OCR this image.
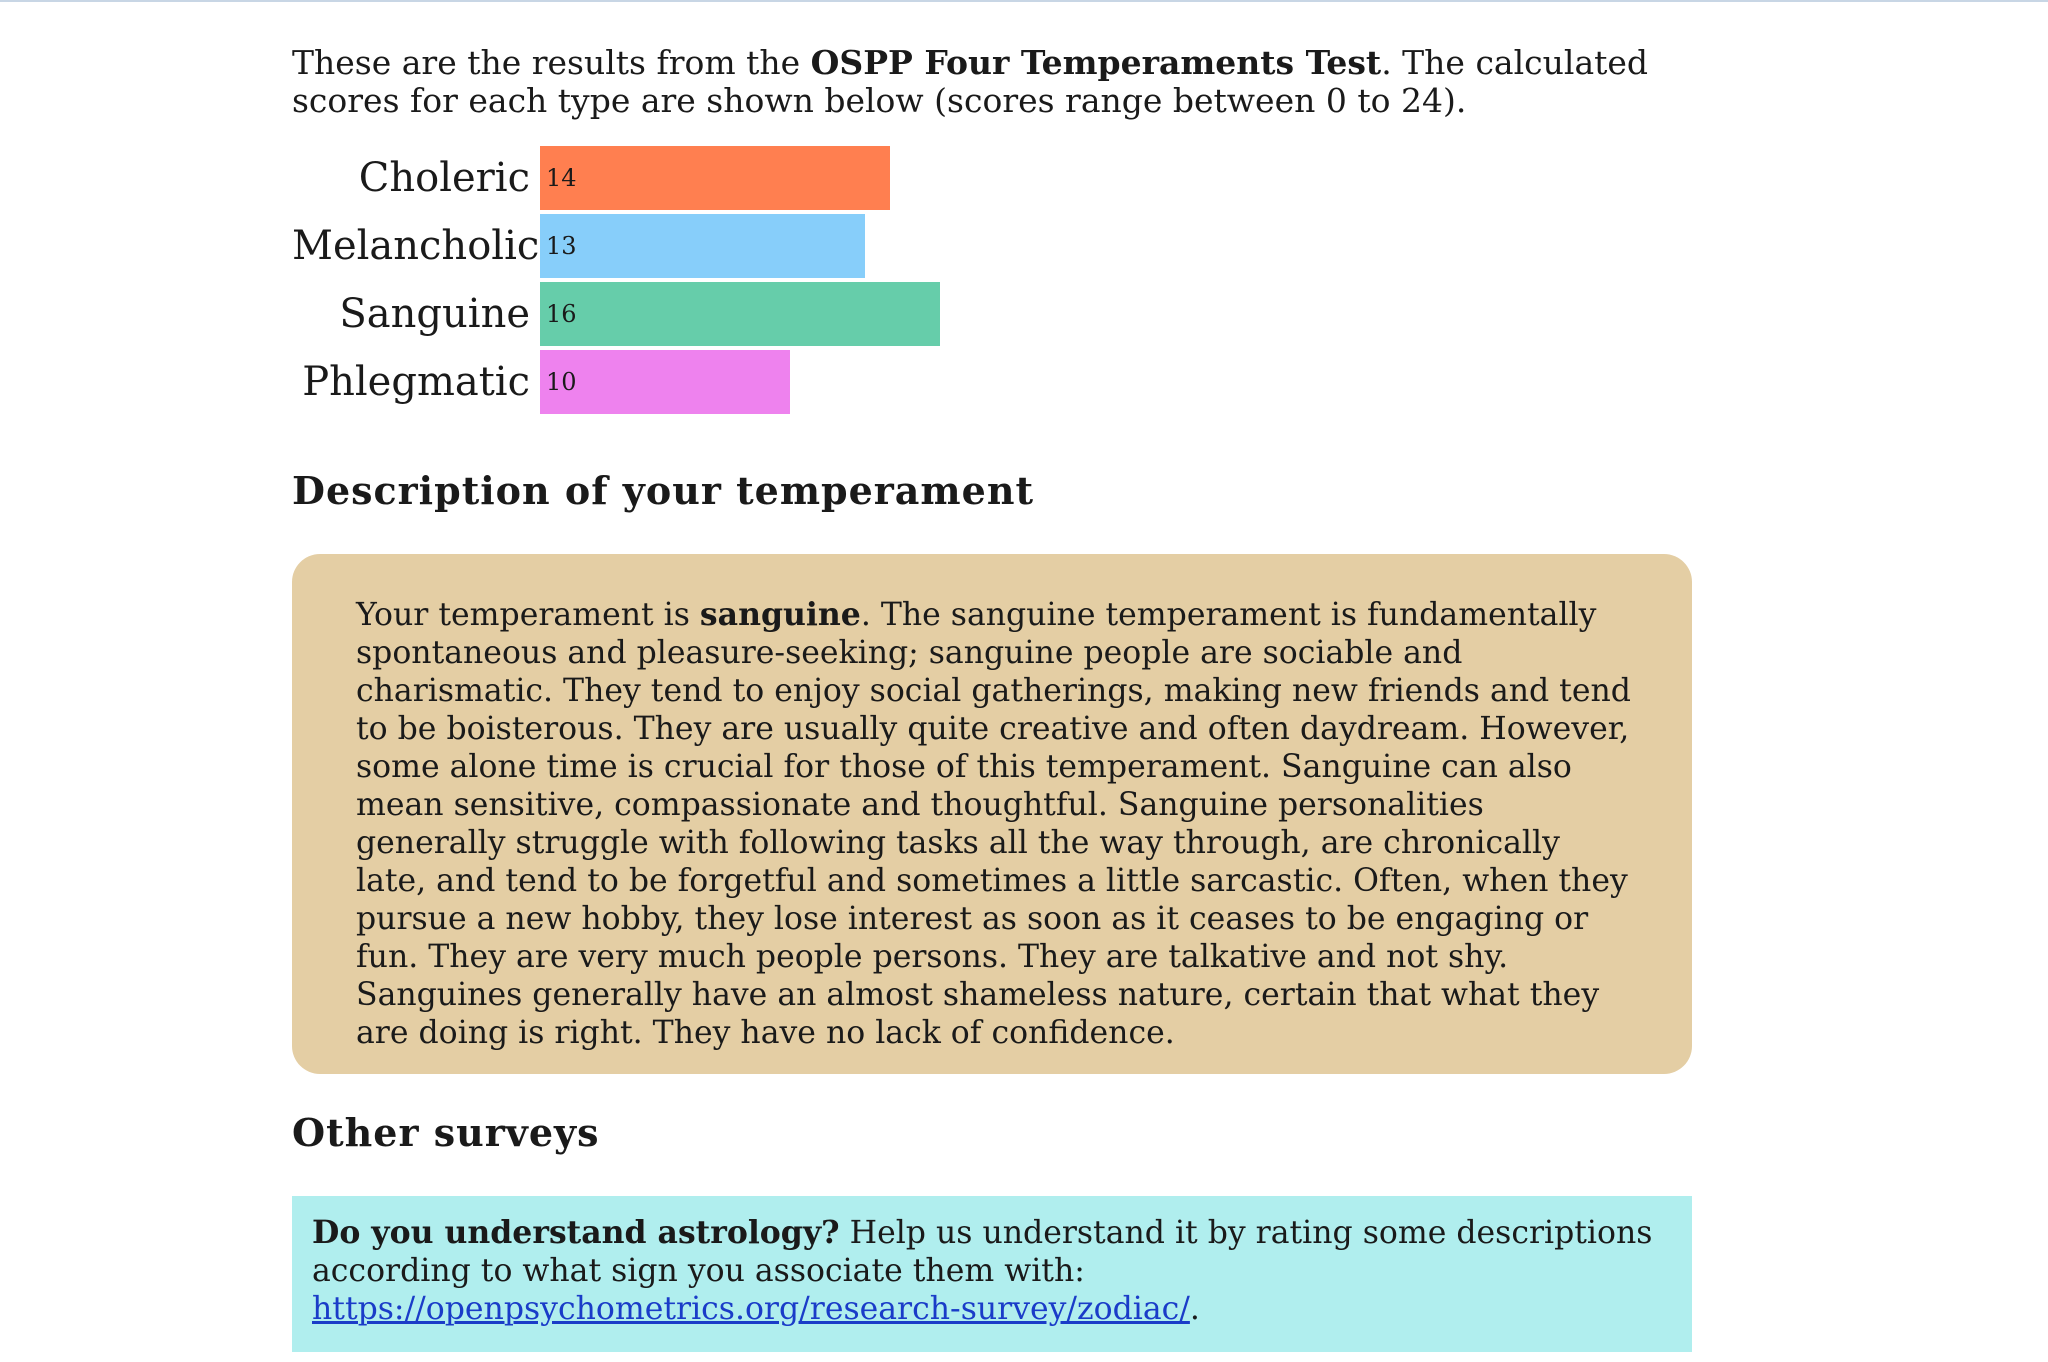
These are the results from the OSPP Four Temperaments Test. The calculated scores for each type are shown below (scores range between 0 to 24).

Choleric 14
Melancholic 13
Sanguine 16
Phlegmatic 10
Description of your temperament

Your temperament is sanguine. The sanguine temperament is fundamentally spontaneous and pleasure-seeking; sanguine people are sociable and charismatic. They tend to enjoy social gatherings, making new friends and tend to be boisterous. They are usually quite creative and often daydream. However, some alone time is crucial for those of this temperament. Sanguine can also mean sensitive, compassionate and thoughtful. Sanguine personalities generally struggle with following tasks all the way through, are chronically late, and tend to be forgetful and sometimes a little sarcastic. Often, when they pursue a new hobby, they lose interest as soon as it ceases to be engaging or fun. They are very much people persons. They are talkative and not shy. Sanguines generally have an almost shameless nature, certain that what they are doing is right. They have no lack of confidence.

Other surveys

Do you understand astrology? Help us understand it by rating some descriptions according to what sign you associate them with: https://openpsychometrics.org/research-survey/zodiac/.
